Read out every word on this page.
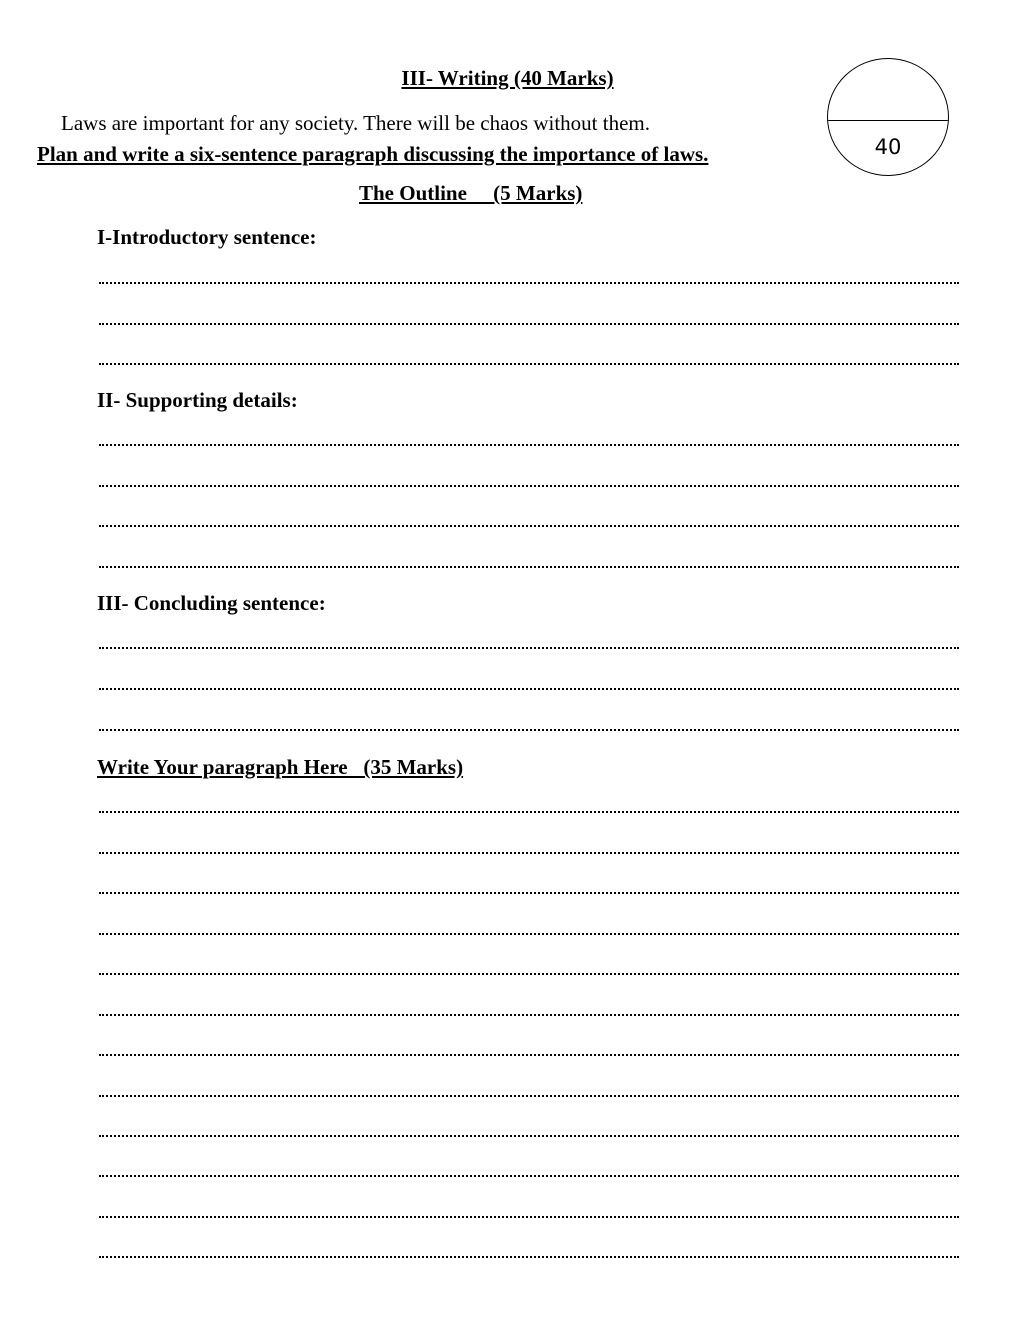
III- Writing (40 Marks)
Laws are important for any society. There will be chaos without them.
Plan and write a six-sentence paragraph discussing the importance of laws.	40
The Outline     (5 Marks)
I-Introductory sentence:
II- Supporting details:
III- Concluding sentence:
Write Your paragraph Here   (35 Marks)
